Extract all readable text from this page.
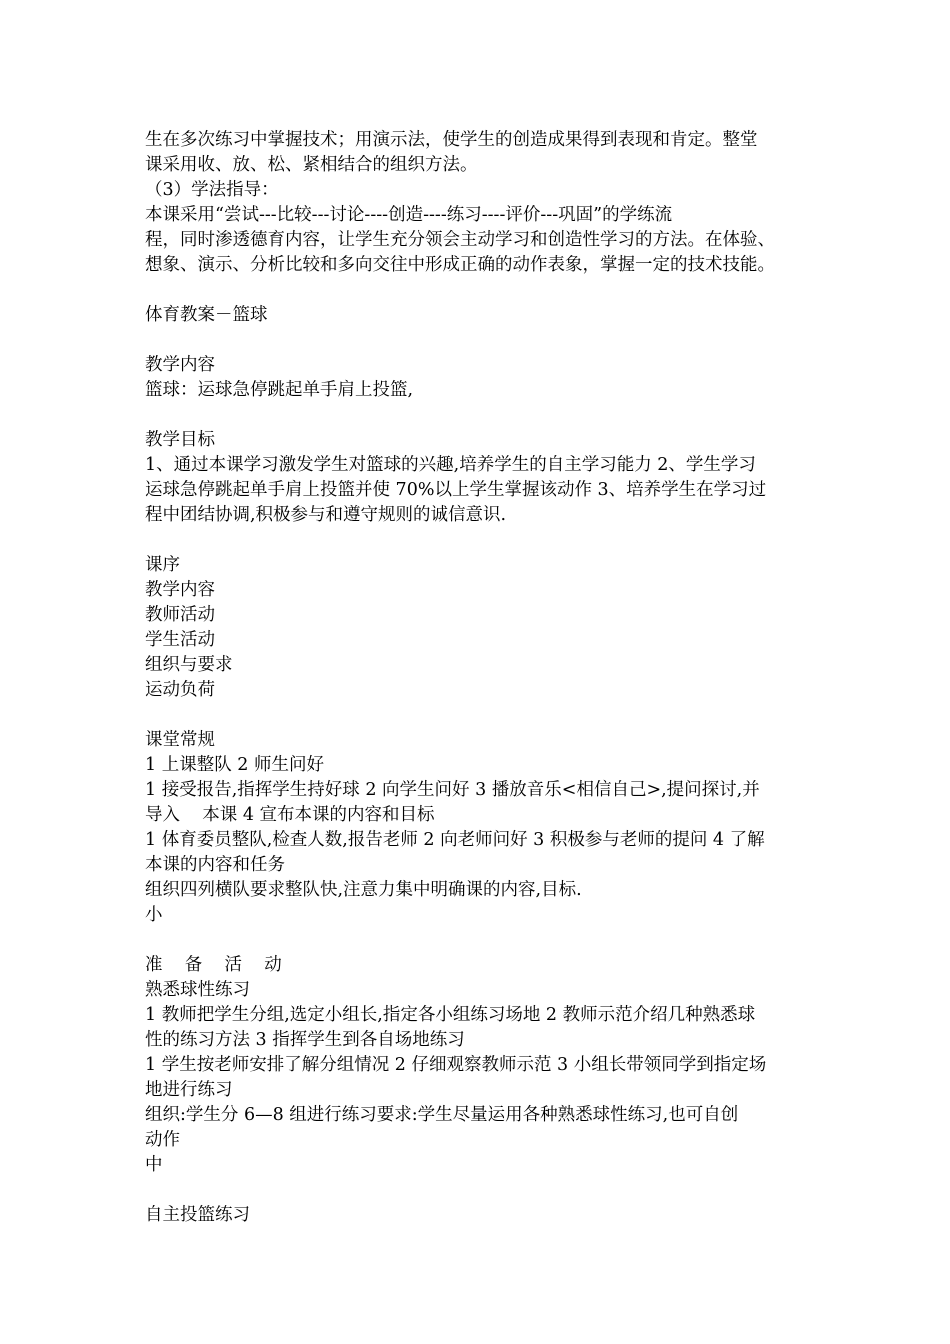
生在多次练习中掌握技术；用演示法，使学生的创造成果得到表现和肯定。整堂
课采用收、放、松、紧相结合的组织方法。
（3）学法指导：
本课采用“尝试---比较---讨论----创造----练习----评价---巩固”的学练流
程，同时渗透德育内容，让学生充分领会主动学习和创造性学习的方法。在体验、
想象、演示、分析比较和多向交往中形成正确的动作表象，掌握一定的技术技能。
体育教案－篮球
教学内容
篮球：运球急停跳起单手肩上投篮,
教学目标
1、通过本课学习激发学生对篮球的兴趣,培养学生的自主学习能力 2、学生学习
运球急停跳起单手肩上投篮并使 70%以上学生掌握该动作 3、培养学生在学习过
程中团结协调,积极参与和遵守规则的诚信意识.
课序
教学内容
教师活动
学生活动
组织与要求
运动负荷
课堂常规
1 上课整队 2 师生问好
1 接受报告,指挥学生持好球 2 向学生问好 3 播放音乐<相信自己>,提问探讨,并
导入    本课 4 宣布本课的内容和目标
1 体育委员整队,检查人数,报告老师 2 向老师问好 3 积极参与老师的提问 4 了解
本课的内容和任务
组织四列横队要求整队快,注意力集中明确课的内容,目标.
小
准    备    活    动
熟悉球性练习
1 教师把学生分组,选定小组长,指定各小组练习场地 2 教师示范介绍几种熟悉球
性的练习方法 3 指挥学生到各自场地练习
1 学生按老师安排了解分组情况 2 仔细观察教师示范 3 小组长带领同学到指定场
地进行练习
组织:学生分 6—8 组进行练习要求:学生尽量运用各种熟悉球性练习,也可自创
动作
中
自主投篮练习
